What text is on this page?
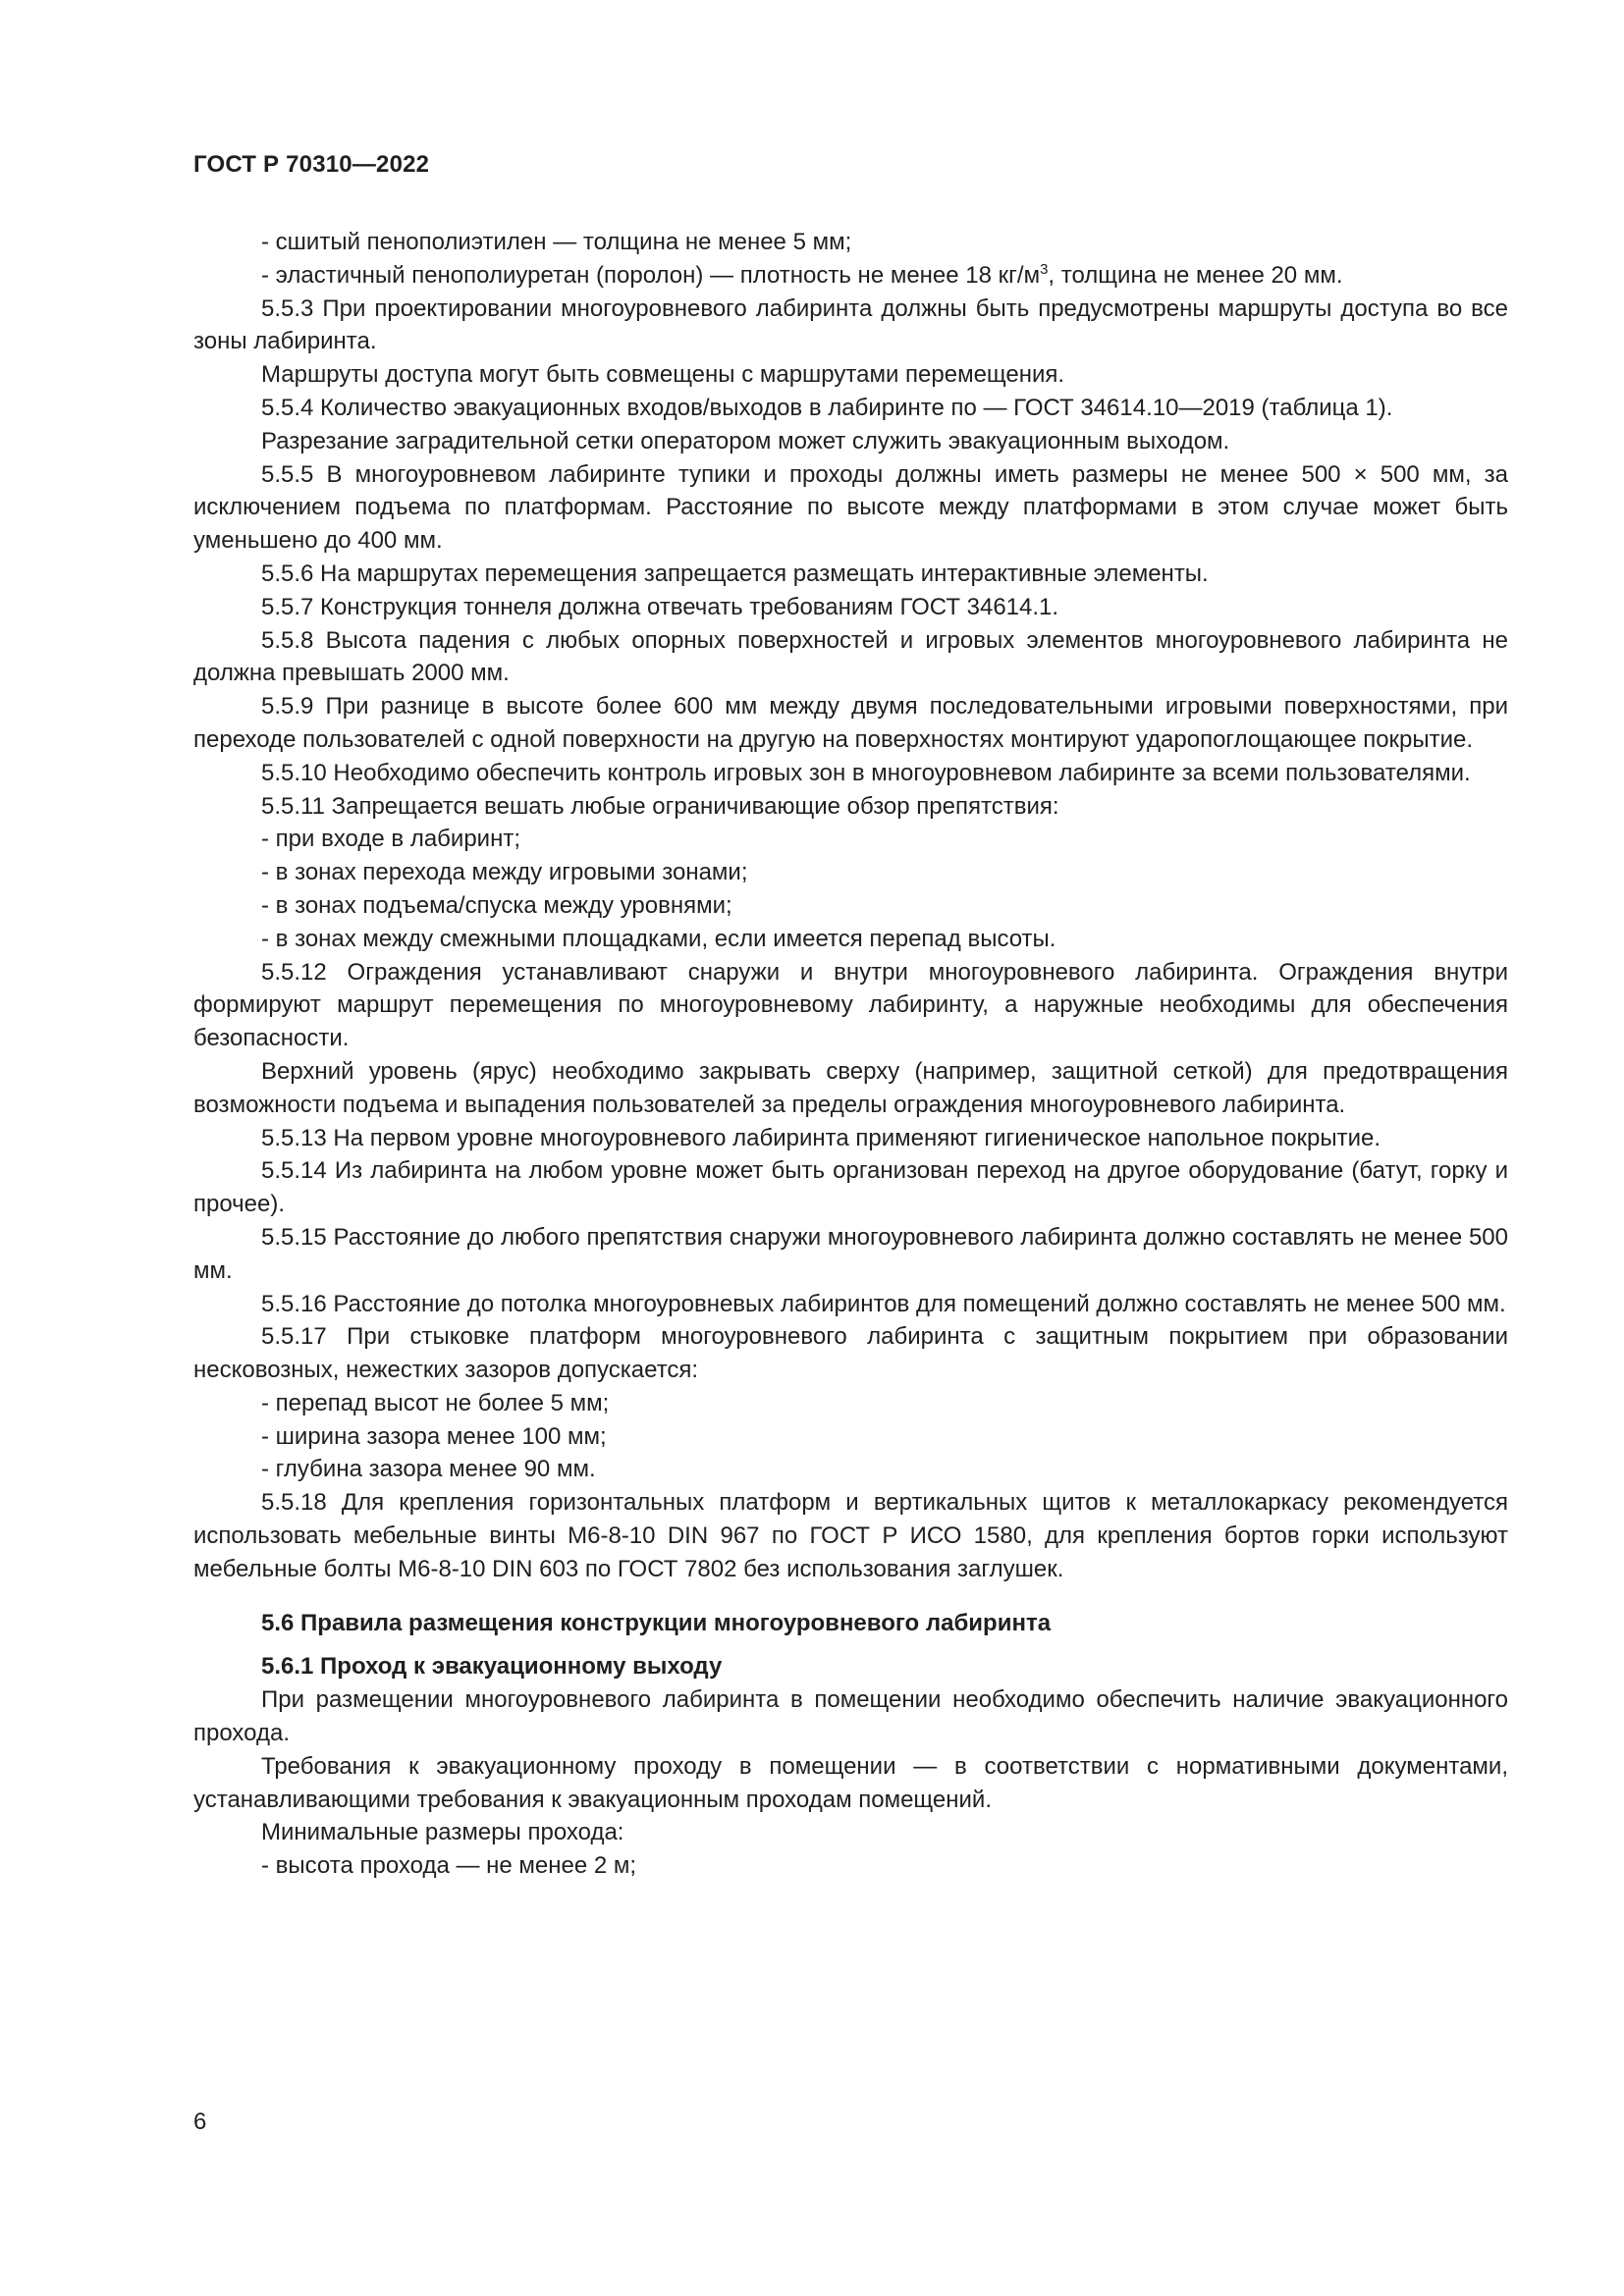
ГОСТ Р 70310—2022

- сшитый пенополиэтилен — толщина не менее 5 мм;

- эластичный пенополиуретан (поролон) — плотность не менее 18 $кг/м^3$, толщина не менее 20 мм.

5.5.3 При проектировании многоуровневого лабиринта должны быть предусмотрены маршруты доступа во все зоны лабиринта.

Маршруты доступа могут быть совмещены с маршрутами перемещения.

5.5.4 Количество эвакуационных входов/выходов в лабиринте по — ГОСТ 34614.10—2019 (таблица 1).

Разрезание заградительной сетки оператором может служить эвакуационным выходом.

5.5.5 В многоуровневом лабиринте тупики и проходы должны иметь размеры не менее 500 × 500 мм, за исключением подъема по платформам. Расстояние по высоте между платформами в этом случае может быть уменьшено до 400 мм.

5.5.6 На маршрутах перемещения запрещается размещать интерактивные элементы.

5.5.7 Конструкция тоннеля должна отвечать требованиям ГОСТ 34614.1.

5.5.8 Высота падения с любых опорных поверхностей и игровых элементов многоуровневого лабиринта не должна превышать 2000 мм.

5.5.9 При разнице в высоте более 600 мм между двумя последовательными игровыми поверхностями, при переходе пользователей с одной поверхности на другую на поверхностях монтируют ударопоглощающее покрытие.

5.5.10 Необходимо обеспечить контроль игровых зон в многоуровневом лабиринте за всеми пользователями.

5.5.11 Запрещается вешать любые ограничивающие обзор препятствия:

- при входе в лабиринт;

- в зонах перехода между игровыми зонами;

- в зонах подъема/спуска между уровнями;

- в зонах между смежными площадками, если имеется перепад высоты.

5.5.12 Ограждения устанавливают снаружи и внутри многоуровневого лабиринта. Ограждения внутри формируют маршрут перемещения по многоуровневому лабиринту, а наружные необходимы для обеспечения безопасности.

Верхний уровень (ярус) необходимо закрывать сверху (например, защитной сеткой) для предотвращения возможности подъема и выпадения пользователей за пределы ограждения многоуровневого лабиринта.

5.5.13 На первом уровне многоуровневого лабиринта применяют гигиеническое напольное покрытие.

5.5.14 Из лабиринта на любом уровне может быть организован переход на другое оборудование (батут, горку и прочее).

5.5.15 Расстояние до любого препятствия снаружи многоуровневого лабиринта должно составлять не менее 500 мм.

5.5.16 Расстояние до потолка многоуровневых лабиринтов для помещений должно составлять не менее 500 мм.

5.5.17 При стыковке платформ многоуровневого лабиринта с защитным покрытием при образовании несковозных, нежестких зазоров допускается:

- перепад высот не более 5 мм;

- ширина зазора менее 100 мм;

- глубина зазора менее 90 мм.

5.5.18 Для крепления горизонтальных платформ и вертикальных щитов к металлокаркасу рекомендуется использовать мебельные винты М6-8-10 DIN 967 по ГОСТ Р ИСО 1580, для крепления бортов горки используют мебельные болты М6-8-10 DIN 603 по ГОСТ 7802 без использования заглушек.

5.6 Правила размещения конструкции многоуровневого лабиринта

5.6.1 Проход к эвакуационному выходу

При размещении многоуровневого лабиринта в помещении необходимо обеспечить наличие эвакуационного прохода.

Требования к эвакуационному проходу в помещении — в соответствии с нормативными документами, устанавливающими требования к эвакуационным проходам помещений.

Минимальные размеры прохода:

- высота прохода — не менее 2 м;

6
